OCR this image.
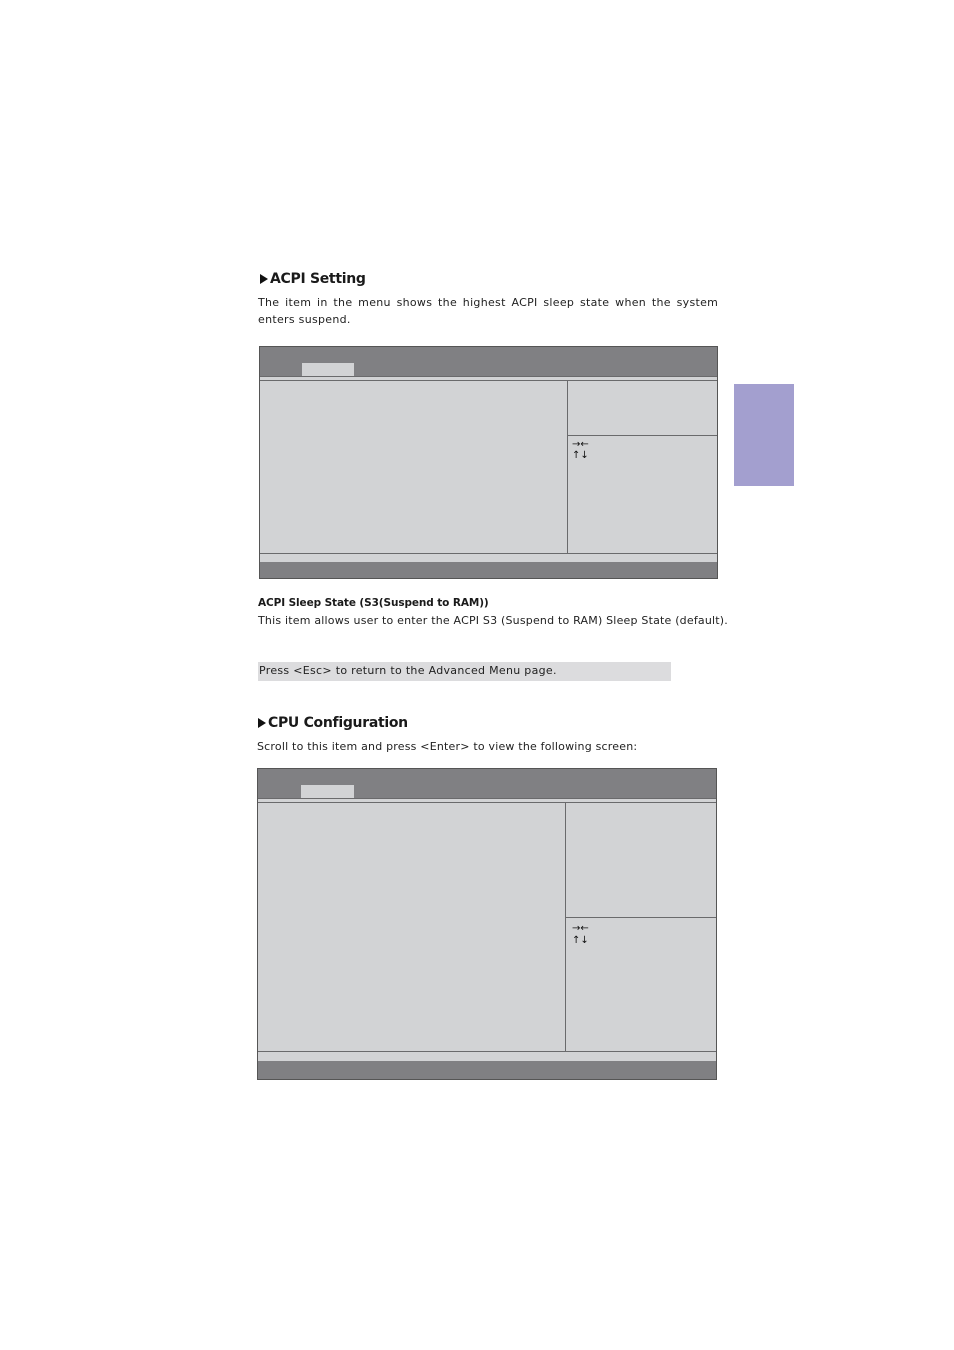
ACPI Setting
The item in the menu shows the highest ACPI sleep state when the system
enters suspend.
→←
↑↓
ACPI Sleep State (S3(Suspend to RAM))
This item allows user to enter the ACPI S3 (Suspend to RAM) Sleep State (default).
Press <Esc> to return to the Advanced Menu page.
CPU Configuration
Scroll to this item and press <Enter> to view the following screen:
→←
↑↓
